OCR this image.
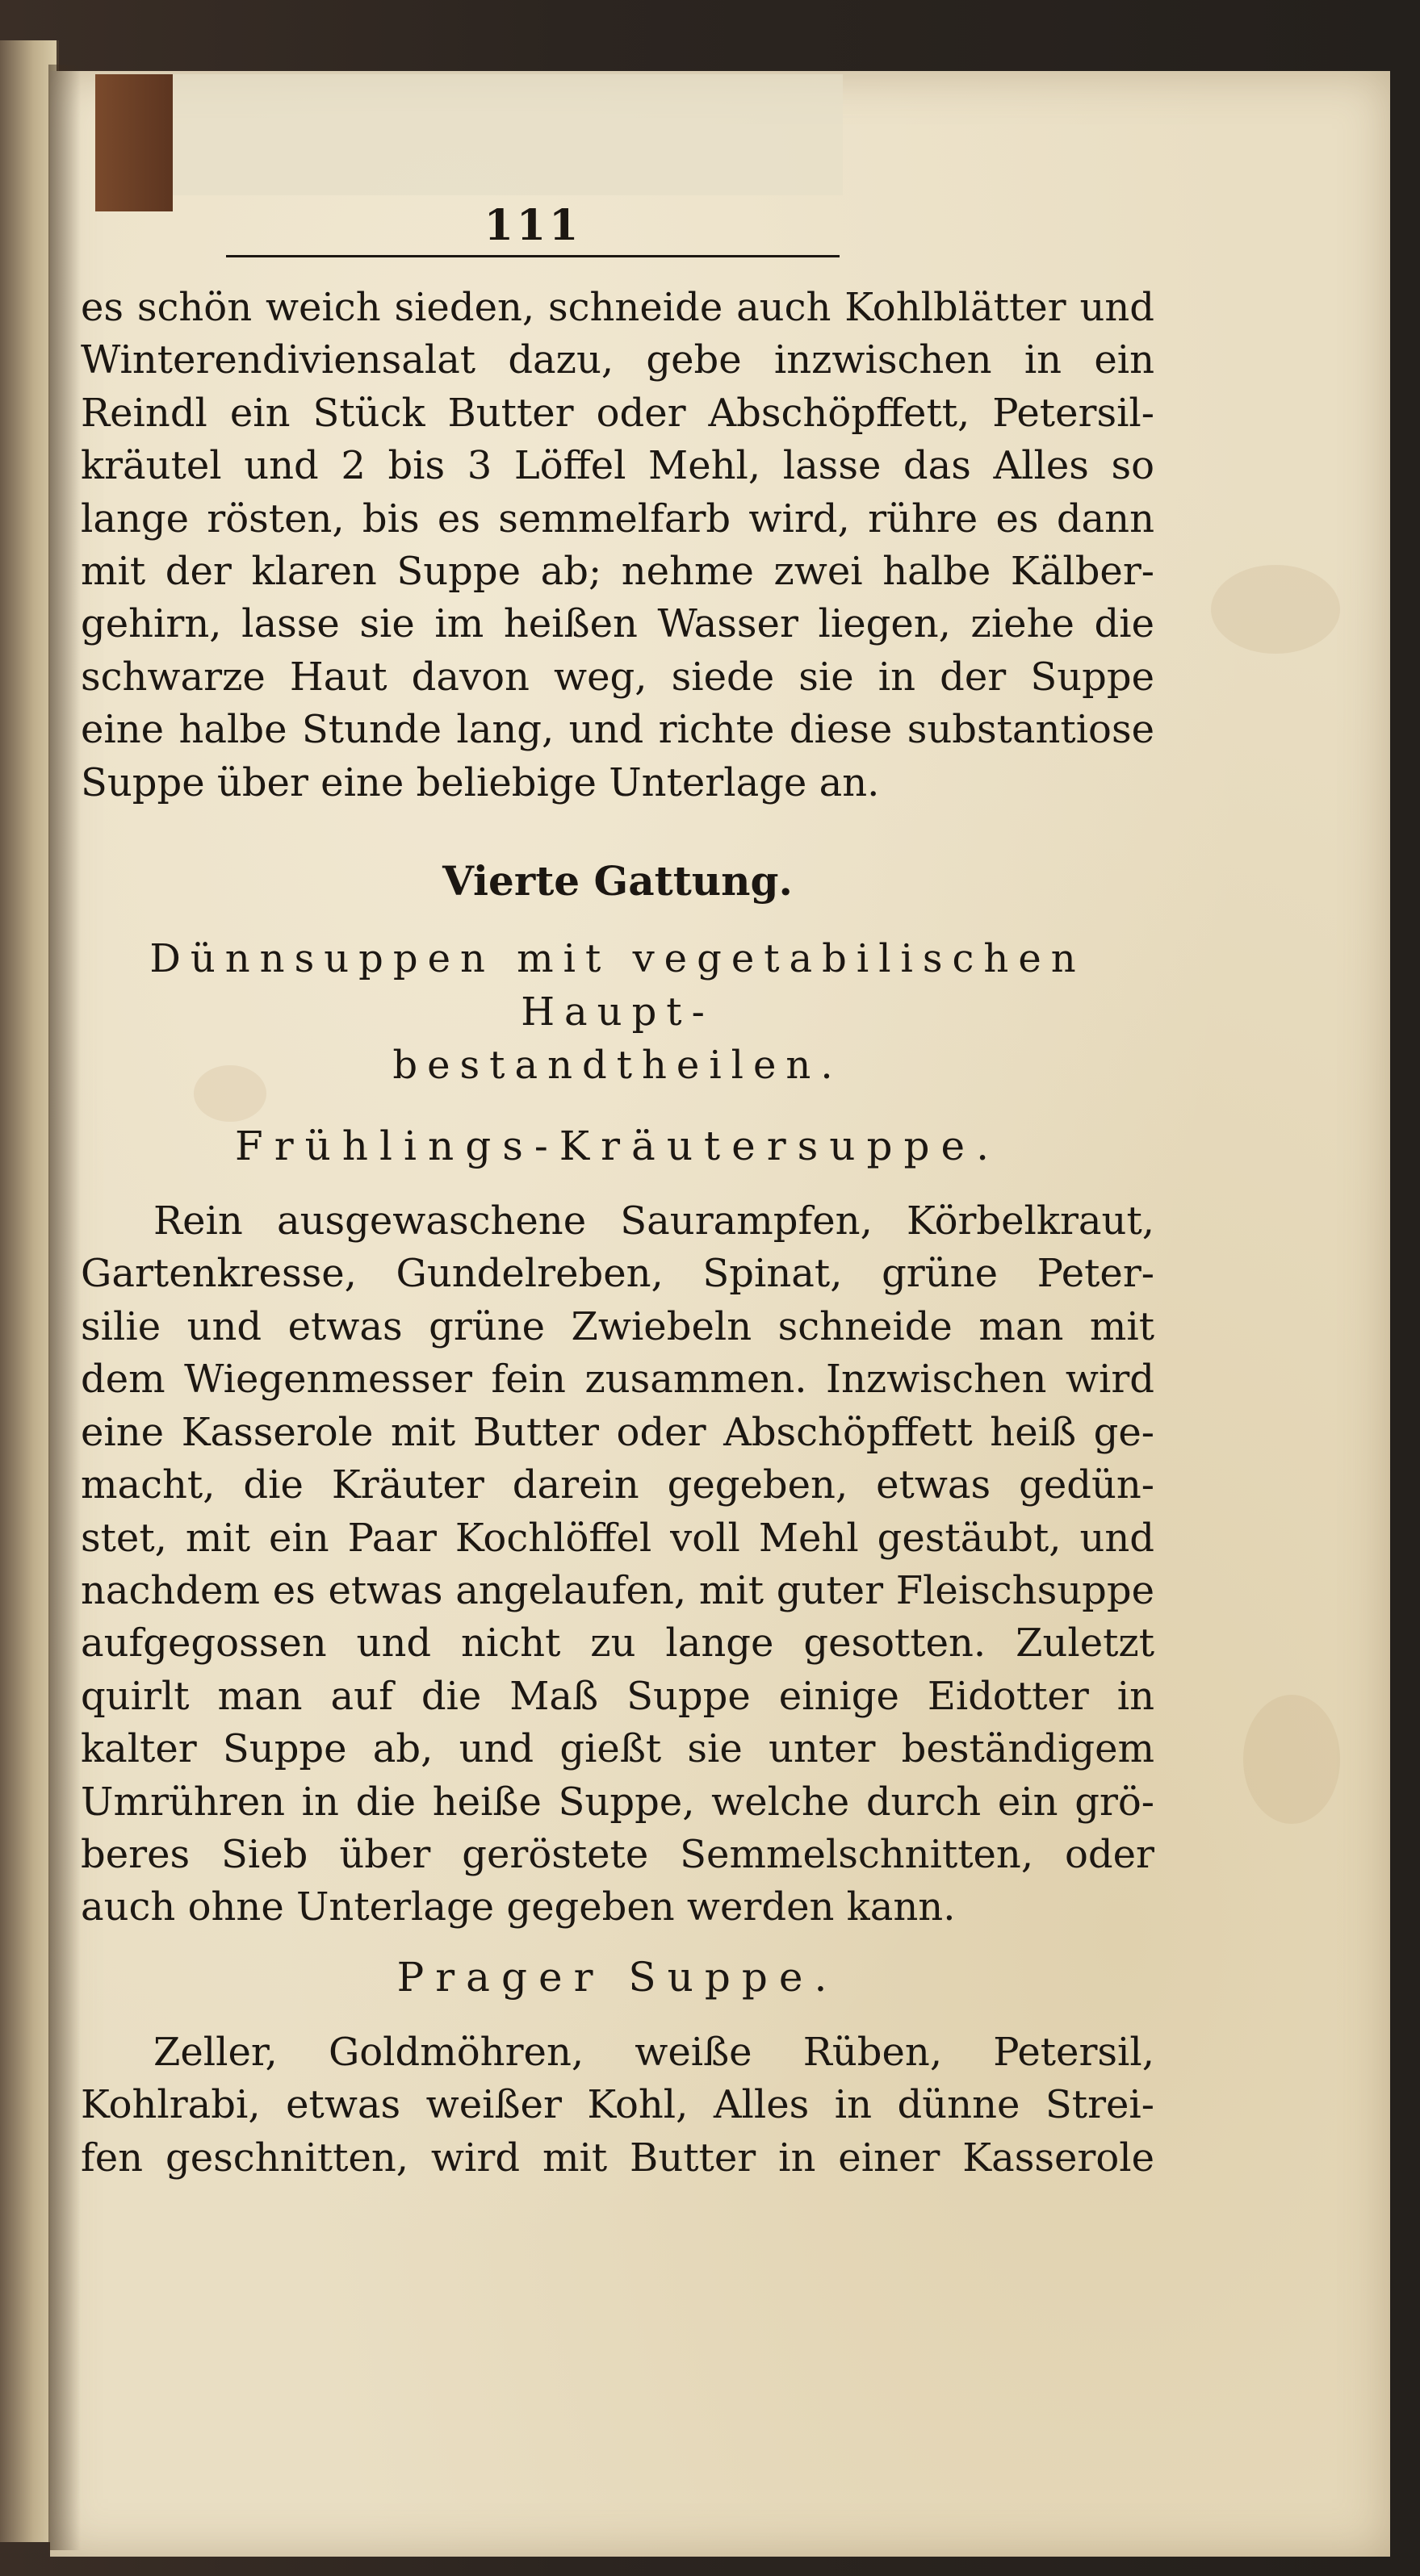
111

es schön weich sieden, schneide auch Kohlblätter und
Winterendiviensalat dazu, gebe inzwischen in ein
Reindl ein Stück Butter oder Abschöpffett, Petersil-
kräutel und 2 bis 3 Löffel Mehl, lasse das Alles so
lange rösten, bis es semmelfarb wird, rühre es dann
mit der klaren Suppe ab; nehme zwei halbe Kälber-
gehirn, lasse sie im heißen Wasser liegen, ziehe die
schwarze Haut davon weg, siede sie in der Suppe
eine halbe Stunde lang, und richte diese substantiose
Suppe über eine beliebige Unterlage an.

Vierte Gattung.
Dünnsuppen mit vegetabilischen Haupt-
bestandtheilen.
Frühlings-Kräutersuppe.

Rein ausgewaschene Saurampfen, Körbelkraut,
Gartenkresse, Gundelreben, Spinat, grüne Peter-
silie und etwas grüne Zwiebeln schneide man mit
dem Wiegenmesser fein zusammen. Inzwischen wird
eine Kasserole mit Butter oder Abschöpffett heiß ge-
macht, die Kräuter darein gegeben, etwas gedün-
stet, mit ein Paar Kochlöffel voll Mehl gestäubt, und
nachdem es etwas angelaufen, mit guter Fleischsuppe
aufgegossen und nicht zu lange gesotten. Zuletzt
quirlt man auf die Maß Suppe einige Eidotter in
kalter Suppe ab, und gießt sie unter beständigem
Umrühren in die heiße Suppe, welche durch ein grö-
beres Sieb über geröstete Semmelschnitten, oder
auch ohne Unterlage gegeben werden kann.

Prager Suppe.

Zeller, Goldmöhren, weiße Rüben, Petersil,
Kohlrabi, etwas weißer Kohl, Alles in dünne Strei-
fen geschnitten, wird mit Butter in einer Kasserole
